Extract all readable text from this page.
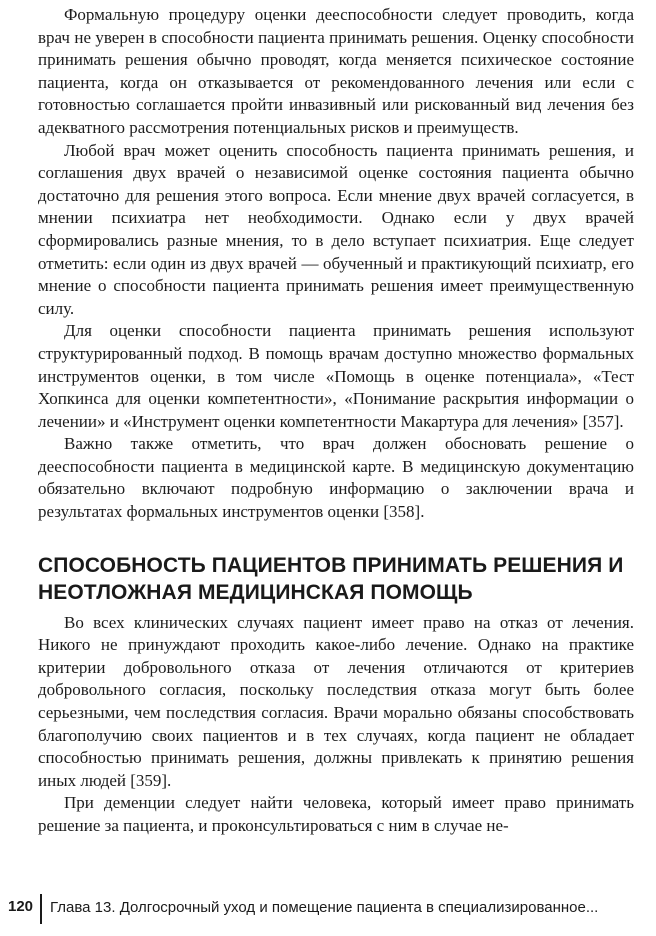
Формальную процедуру оценки дееспособности следует проводить, когда врач не уверен в способности пациента принимать решения. Оценку способности принимать решения обычно проводят, когда меняется психическое состояние пациента, когда он отказывается от рекомендованного лечения или если с готовностью соглашается пройти инвазивный или рискованный вид лечения без адекватного рассмотрения потенциальных рисков и преимуществ.

Любой врач может оценить способность пациента принимать решения, и соглашения двух врачей о независимой оценке состояния пациента обычно достаточно для решения этого вопроса. Если мнение двух врачей согласуется, в мнении психиатра нет необходимости. Однако если у двух врачей сформировались разные мнения, то в дело вступает психиатрия. Еще следует отметить: если один из двух врачей — обученный и практикующий психиатр, его мнение о способности пациента принимать решения имеет преимущественную силу.

Для оценки способности пациента принимать решения используют структурированный подход. В помощь врачам доступно множество формальных инструментов оценки, в том числе «Помощь в оценке потенциала», «Тест Хопкинса для оценки компетентности», «Понимание раскрытия информации о лечении» и «Инструмент оценки компетентности Макартура для лечения» [357].

Важно также отметить, что врач должен обосновать решение о дееспособности пациента в медицинской карте. В медицинскую документацию обязательно включают подробную информацию о заключении врача и результатах формальных инструментов оценки [358].

СПОСОБНОСТЬ ПАЦИЕНТОВ ПРИНИМАТЬ РЕШЕНИЯ И НЕОТЛОЖНАЯ МЕДИЦИНСКАЯ ПОМОЩЬ

Во всех клинических случаях пациент имеет право на отказ от лечения. Никого не принуждают проходить какое-либо лечение. Однако на практике критерии добровольного отказа от лечения отличаются от критериев добровольного согласия, поскольку последствия отказа могут быть более серьезными, чем последствия согласия. Врачи морально обязаны способствовать благополучию своих пациентов и в тех случаях, когда пациент не обладает способностью принимать решения, должны привлекать к принятию решения иных людей [359].

При деменции следует найти человека, который имеет право принимать решение за пациента, и проконсультироваться с ним в случае не-

120 Глава 13. Долгосрочный уход и помещение пациента в специализированное...
